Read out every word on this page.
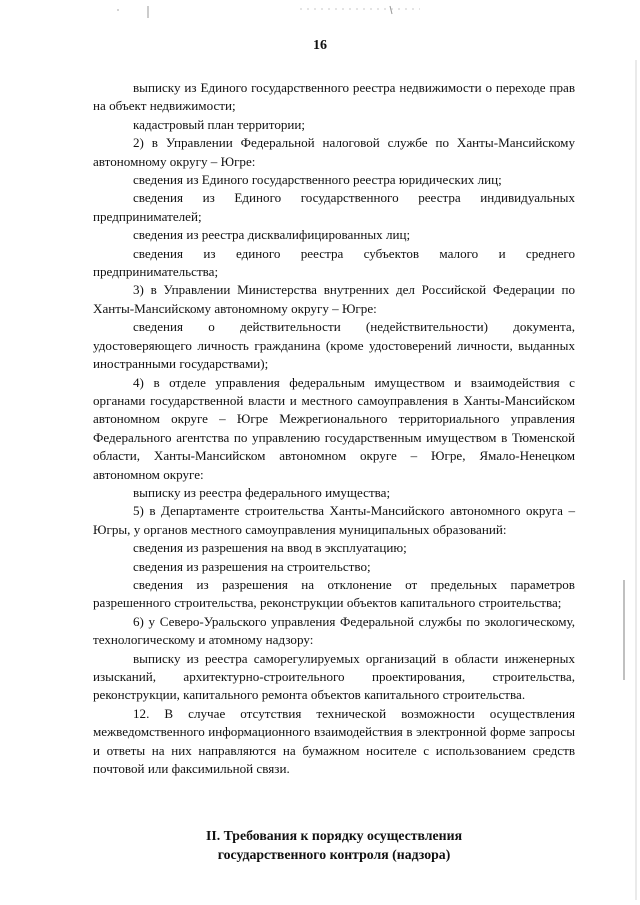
16

выписку из Единого государственного реестра недвижимости о переходе прав на объект недвижимости;

кадастровый план территории;

2) в Управлении Федеральной налоговой службе по Ханты-Мансийскому автономному округу – Югре:

сведения из Единого государственного реестра юридических лиц;

сведения из Единого государственного реестра индивидуальных предпринимателей;

сведения из реестра дисквалифицированных лиц;

сведения из единого реестра субъектов малого и среднего предпринимательства;

3) в Управлении Министерства внутренних дел Российской Федерации по Ханты-Мансийскому автономному округу – Югре:

сведения о действительности (недействительности) документа, удостоверяющего личность гражданина (кроме удостоверений личности, выданных иностранными государствами);

4) в отделе управления федеральным имуществом и взаимодействия с органами государственной власти и местного самоуправления в Ханты-Мансийском автономном округе – Югре Межрегионального территориального управления Федерального агентства по управлению государственным имуществом в Тюменской области, Ханты-Мансийском автономном округе – Югре, Ямало-Ненецком автономном округе:

выписку из реестра федерального имущества;

5) в Департаменте строительства Ханты-Мансийского автономного округа – Югры, у органов местного самоуправления муниципальных образований:

сведения из разрешения на ввод в эксплуатацию;

сведения из разрешения на строительство;

сведения из разрешения на отклонение от предельных параметров разрешенного строительства, реконструкции объектов капитального строительства;

6) у Северо-Уральского управления Федеральной службы по экологическому, технологическому и атомному надзору:

выписку из реестра саморегулируемых организаций в области инженерных изысканий, архитектурно-строительного проектирования, строительства, реконструкции, капитального ремонта объектов капитального строительства.

12. В случае отсутствия технической возможности осуществления межведомственного информационного взаимодействия в электронной форме запросы и ответы на них направляются на бумажном носителе с использованием средств почтовой или факсимильной связи.

II. Требования к порядку осуществления
государственного контроля (надзора)
